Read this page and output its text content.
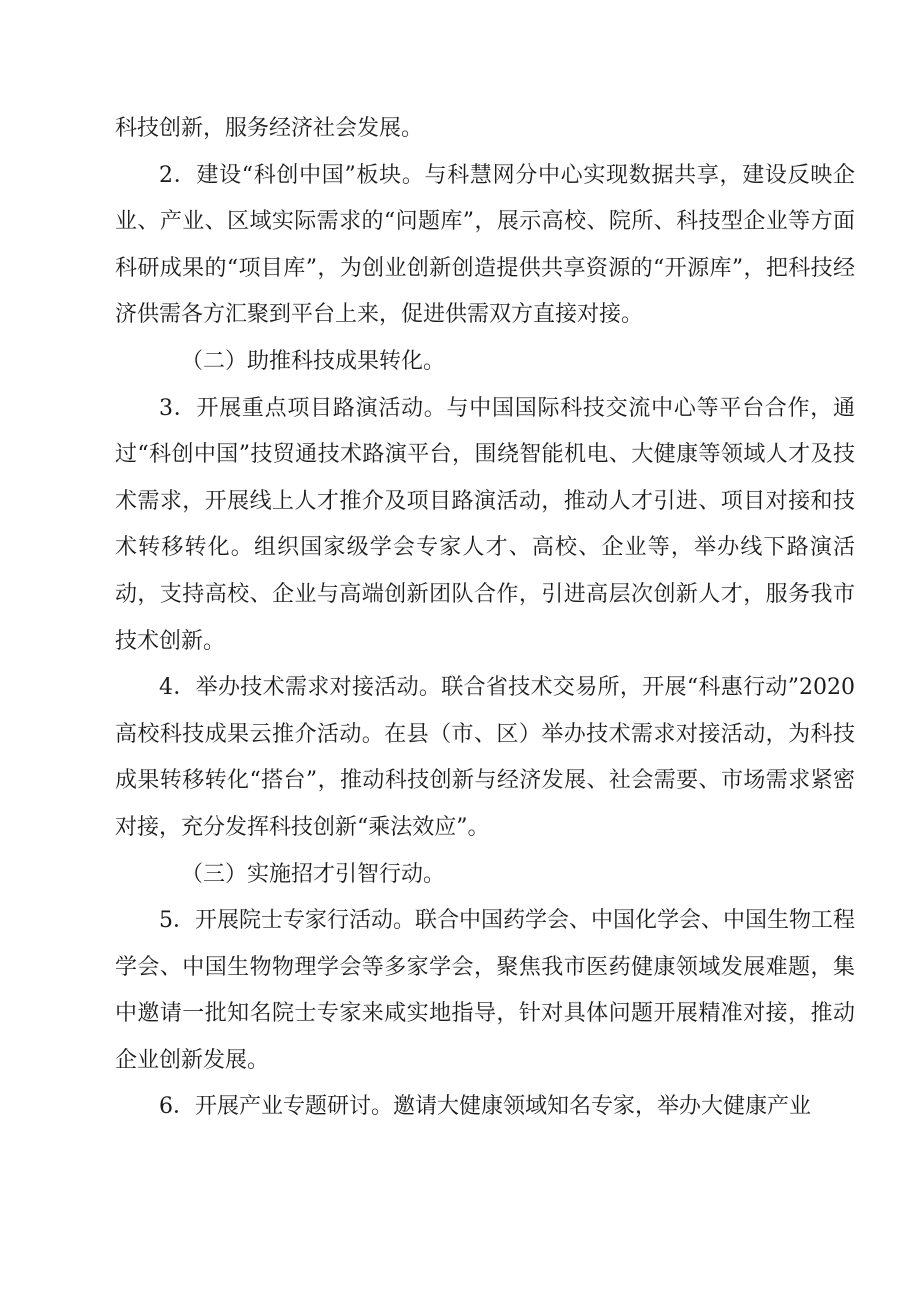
科技创新，服务经济社会发展。

2．建设“科创中国”板块。与科慧网分中心实现数据共享，建设反映企业、产业、区域实际需求的“问题库”，展示高校、院所、科技型企业等方面科研成果的“项目库”，为创业创新创造提供共享资源的“开源库”，把科技经济供需各方汇聚到平台上来，促进供需双方直接对接。

（二）助推科技成果转化。

3．开展重点项目路演活动。与中国国际科技交流中心等平台合作，通过“科创中国”技贸通技术路演平台，围绕智能机电、大健康等领域人才及技术需求，开展线上人才推介及项目路演活动，推动人才引进、项目对接和技术转移转化。组织国家级学会专家人才、高校、企业等，举办线下路演活动，支持高校、企业与高端创新团队合作，引进高层次创新人才，服务我市技术创新。

4．举办技术需求对接活动。联合省技术交易所，开展“科惠行动”2020高校科技成果云推介活动。在县（市、区）举办技术需求对接活动，为科技成果转移转化“搭台”，推动科技创新与经济发展、社会需要、市场需求紧密对接，充分发挥科技创新“乘法效应”。

（三）实施招才引智行动。

5．开展院士专家行活动。联合中国药学会、中国化学会、中国生物工程学会、中国生物物理学会等多家学会，聚焦我市医药健康领域发展难题，集中邀请一批知名院士专家来咸实地指导，针对具体问题开展精准对接，推动企业创新发展。

6．开展产业专题研讨。邀请大健康领域知名专家，举办大健康产业
